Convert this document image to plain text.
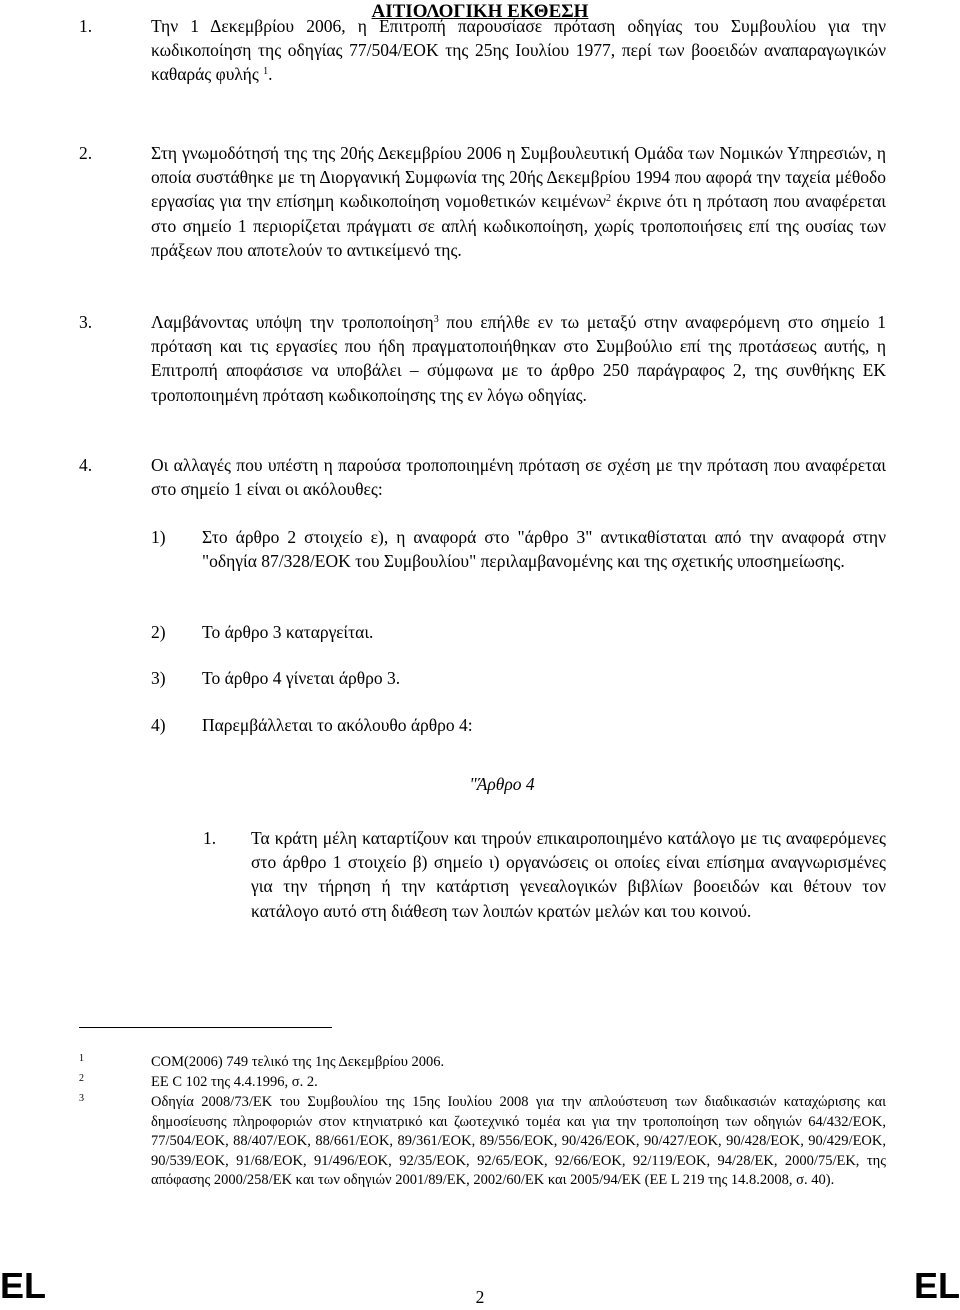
ΑΙΤΙΟΛΟΓΙΚΗ ΕΚΘΕΣΗ
1.	Την 1 Δεκεμβρίου 2006, η Επιτροπή παρουσίασε πρόταση οδηγίας του Συμβουλίου για την κωδικοποίηση της οδηγίας 77/504/ΕΟΚ της 25ης Ιουλίου 1977, περί των βοοειδών αναπαραγωγικών καθαράς φυλής $^1$.
2.	Στη γνωμοδότησή της της 20ής Δεκεμβρίου 2006 η Συμβουλευτική Ομάδα των Νομικών Υπηρεσιών, η οποία συστάθηκε με τη Διοργανική Συμφωνία της 20ής Δεκεμβρίου 1994 που αφορά την ταχεία μέθοδο εργασίας για την επίσημη κωδικοποίηση νομοθετικών κειμένων$^2$ έκρινε ότι η πρόταση που αναφέρεται στο σημείο 1 περιορίζεται πράγματι σε απλή κωδικοποίηση, χωρίς τροποποιήσεις επί της ουσίας των πράξεων που αποτελούν το αντικείμενό της.
3.	Λαμβάνοντας υπόψη την τροποποίηση$^3$ που επήλθε εν τω μεταξύ στην αναφερόμενη στο σημείο 1 πρόταση και τις εργασίες που ήδη πραγματοποιήθηκαν στο Συμβούλιο επί της προτάσεως αυτής, η Επιτροπή αποφάσισε να υποβάλει – σύμφωνα με το άρθρο 250 παράγραφος 2, της συνθήκης ΕΚ τροποποιημένη πρόταση κωδικοποίησης της εν λόγω οδηγίας.
4.	Οι αλλαγές που υπέστη η παρούσα τροποποιημένη πρόταση σε σχέση με την πρόταση που αναφέρεται στο σημείο 1 είναι οι ακόλουθες:
1) Στο άρθρο 2 στοιχείο ε), η αναφορά στο "άρθρο 3" αντικαθίσταται από την αναφορά στην "οδηγία 87/328/ΕΟΚ του Συμβουλίου" περιλαμβανομένης και της σχετικής υποσημείωσης.
2) Το άρθρο 3 καταργείται.
3) Το άρθρο 4 γίνεται άρθρο 3.
4) Παρεμβάλλεται το ακόλουθο άρθρο 4:
"Άρθρο 4
1. Τα κράτη μέλη καταρτίζουν και τηρούν επικαιροποιημένο κατάλογο με τις αναφερόμενες στο άρθρο 1 στοιχείο β) σημείο ι) οργανώσεις οι οποίες είναι επίσημα αναγνωρισμένες για την τήρηση ή την κατάρτιση γενεαλογικών βιβλίων βοοειδών και θέτουν τον κατάλογο αυτό στη διάθεση των λοιπών κρατών μελών και του κοινού.
1	COM(2006) 749 τελικό της 1ης Δεκεμβρίου 2006.
2	ΕΕ C 102 της 4.4.1996, σ. 2.
3	Οδηγία 2008/73/ΕΚ του Συμβουλίου της 15ης Ιουλίου 2008 για την απλούστευση των διαδικασιών καταχώρισης και δημοσίευσης πληροφοριών στον κτηνιατρικό και ζωοτεχνικό τομέα και για την τροποποίηση των οδηγιών 64/432/ΕΟΚ, 77/504/ΕΟΚ, 88/407/ΕΟΚ, 88/661/ΕΟΚ, 89/361/ΕΟΚ, 89/556/ΕΟΚ, 90/426/ΕΟΚ, 90/427/ΕΟΚ, 90/428/ΕΟΚ, 90/429/ΕΟΚ, 90/539/ΕΟΚ, 91/68/ΕΟΚ, 91/496/ΕΟΚ, 92/35/ΕΟΚ, 92/65/ΕΟΚ, 92/66/ΕΟΚ, 92/119/ΕΟΚ, 94/28/ΕΚ, 2000/75/ΕΚ, της απόφασης 2000/258/ΕΚ και των οδηγιών 2001/89/ΕΚ, 2002/60/ΕΚ και 2005/94/ΕΚ (ΕΕ L 219 της 14.8.2008, σ. 40).
EL	2	EL
